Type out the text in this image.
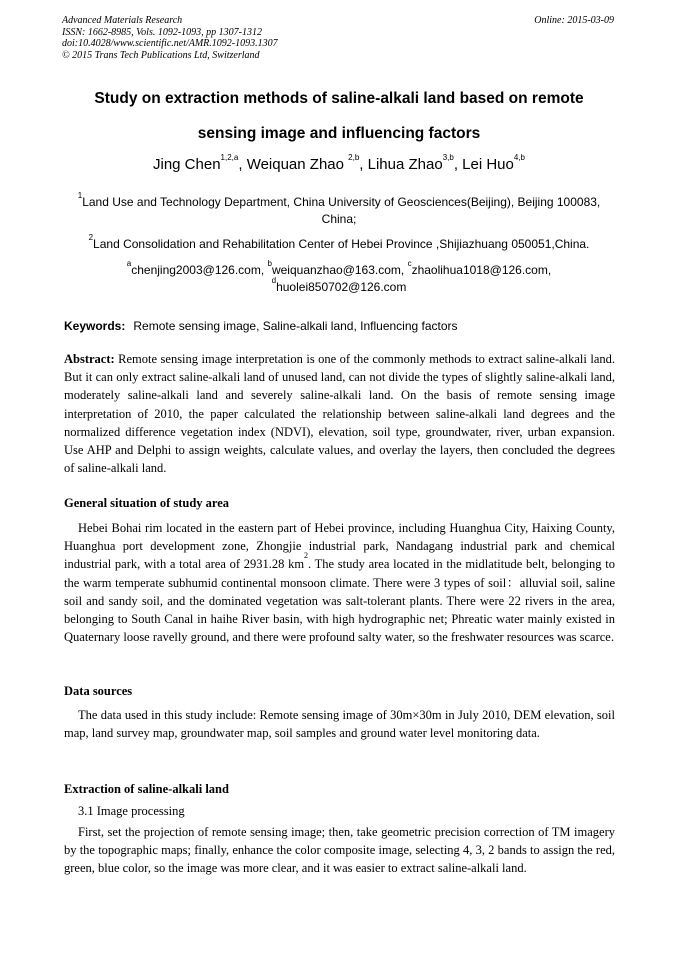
Advanced Materials Research
ISSN: 1662-8985, Vols. 1092-1093, pp 1307-1312
doi:10.4028/www.scientific.net/AMR.1092-1093.1307
© 2015 Trans Tech Publications Ltd, Switzerland
Online: 2015-03-09
Study on extraction methods of saline-alkali land based on remote
sensing image and influencing factors
Jing Chen$^{1,2,a}$, Weiquan Zhao $^{2,b}$, Lihua Zhao$^{3,b}$, Lei Huo$^{4,b}$
$^1$Land Use and Technology Department, China University of Geosciences(Beijing), Beijing 100083, China;
$^2$Land Consolidation and Rehabilitation Center of Hebei Province ,Shijiazhuang 050051,China.
$^a$chenjing2003@126.com, $^b$weiquanzhao@163.com, $^c$zhaolihua1018@126.com,
$^d$huolei850702@126.com
Keywords: Remote sensing image, Saline-alkali land, Influencing factors
Abstract: Remote sensing image interpretation is one of the commonly methods to extract saline-alkali land. But it can only extract saline-alkali land of unused land, can not divide the types of slightly saline-alkali land, moderately saline-alkali land and severely saline-alkali land. On the basis of remote sensing image interpretation of 2010, the paper calculated the relationship between saline-alkali land degrees and the normalized difference vegetation index (NDVI), elevation, soil type, groundwater, river, urban expansion. Use AHP and Delphi to assign weights, calculate values, and overlay the layers, then concluded the degrees of saline-alkali land.
General situation of study area
Hebei Bohai rim located in the eastern part of Hebei province, including Huanghua City, Haixing County, Huanghua port development zone, Zhongjie industrial park, Nandagang industrial park and chemical industrial park, with a total area of 2931.28 $km^2$. The study area located in the midlatitude belt, belonging to the warm temperate subhumid continental monsoon climate. There were 3 types of soil：alluvial soil, saline soil and sandy soil, and the dominated vegetation was salt-tolerant plants. There were 22 rivers in the area, belonging to South Canal in haihe River basin, with high hydrographic net; Phreatic water mainly existed in Quaternary loose ravelly ground, and there were profound salty water, so the freshwater resources was scarce.
Data sources
The data used in this study include: Remote sensing image of 30m×30m in July 2010, DEM elevation, soil map, land survey map, groundwater map, soil samples and ground water level monitoring data.
Extraction of saline-alkali land
3.1 Image processing
First, set the projection of remote sensing image; then, take geometric precision correction of TM imagery by the topographic maps; finally, enhance the color composite image, selecting 4, 3, 2 bands to assign the red, green, blue color, so the image was more clear, and it was easier to extract saline-alkali land.
